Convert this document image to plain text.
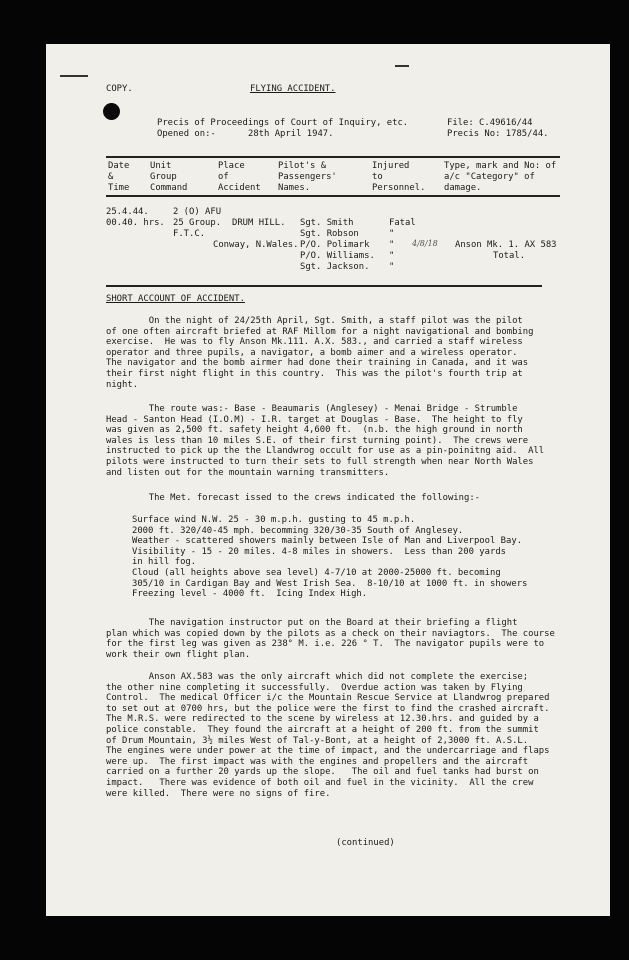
COPY.	FLYING ACCIDENT.
Precis of Proceedings of Court of Inquiry, etc.
Opened on:-	28th April 1947.
File: C.49616/44
Precis No: 1785/44.
Date
&
Time
Unit
Group
Command
Place
of
Accident
Pilot's &
Passengers'
Names.
Injured
to
Personnel.
Type, mark and No: of
a/c "Category" of
damage.
25.4.44.
00.40. hrs.
2 (O) AFU
25 Group.
F.T.C.
DRUM HILL.
Conway, N.Wales.
Sgt. Smith
Sgt. Robson
P/O. Polimark
P/O. Williams.
Sgt. Jackson.
Fatal
"
"
"
"
4/8/18 Anson Mk. 1. AX 583
Total.
SHORT ACCOUNT OF ACCIDENT.
On the night of 24/25th April, Sgt. Smith, a staff pilot was the pilot
of one often aircraft briefed at RAF Millom for a night navigational and bombing
exercise.  He was to fly Anson Mk.111. A.X. 583., and carried a staff wireless
operator and three pupils, a navigator, a bomb aimer and a wireless operator.
The navigator and the bomb airmer had done their training in Canada, and it was
their first night flight in this country.  This was the pilot's fourth trip at
night.
The route was:- Base - Beaumaris (Anglesey) - Menai Bridge - Strumble
Head - Santon Head (I.O.M) - I.R. target at Douglas - Base.  The height to fly
was given as 2,500 ft. safety height 4,600 ft.  (n.b. the high ground in north
wales is less than 10 miles S.E. of their first turning point).  The crews were
instructed to pick up the the Llandwrog occult for use as a pin-poinitng aid.  All
pilots were instructed to turn their sets to full strength when near North Wales
and listen out for the mountain warning transmitters.
The Met. forecast issed to the crews indicated the following:-
Surface wind N.W. 25 - 30 m.p.h. gusting to 45 m.p.h.
2000 ft. 320/40-45 mph. becomming 320/30-35 South of Anglesey.
Weather - scattered showers mainly between Isle of Man and Liverpool Bay.
Visibility - 15 - 20 miles. 4-8 miles in showers.  Less than 200 yards
in hill fog.
Cloud (all heights above sea level) 4-7/10 at 2000-25000 ft. becoming
305/10 in Cardigan Bay and West Irish Sea.  8-10/10 at 1000 ft. in showers
Freezing level - 4000 ft.  Icing Index High.
The navigation instructor put on the Board at their briefing a flight
plan which was copied down by the pilots as a check on their naviagtors.  The course
for the first leg was given as 238° M. i.e. 226 ° T.  The navigator pupils were to
work their own flight plan.
Anson AX.583 was the only aircraft which did not complete the exercise;
the other nine completing it successfully.  Overdue action was taken by Flying
Control.  The medical Officer i/c the Mountain Rescue Service at Llandwrog prepared
to set out at 0700 hrs, but the police were the first to find the crashed aircraft.
The M.R.S. were redirected to the scene by wireless at 12.30.hrs. and guided by a
police constable.  They found the aircraft at a height of 200 ft. from the summit
of Drum Mountain, 3½ miles West of Tal-y-Bont, at a height of 2,3000 ft. A.S.L.
The engines were under power at the time of impact, and the undercarriage and flaps
were up.  The first impact was with the engines and propellers and the aircraft
carried on a further 20 yards up the slope.   The oil and fuel tanks had burst on
impact.   There was evidence of both oil and fuel in the vicinity.  All the crew
were killed.  There were no signs of fire.
(continued)
